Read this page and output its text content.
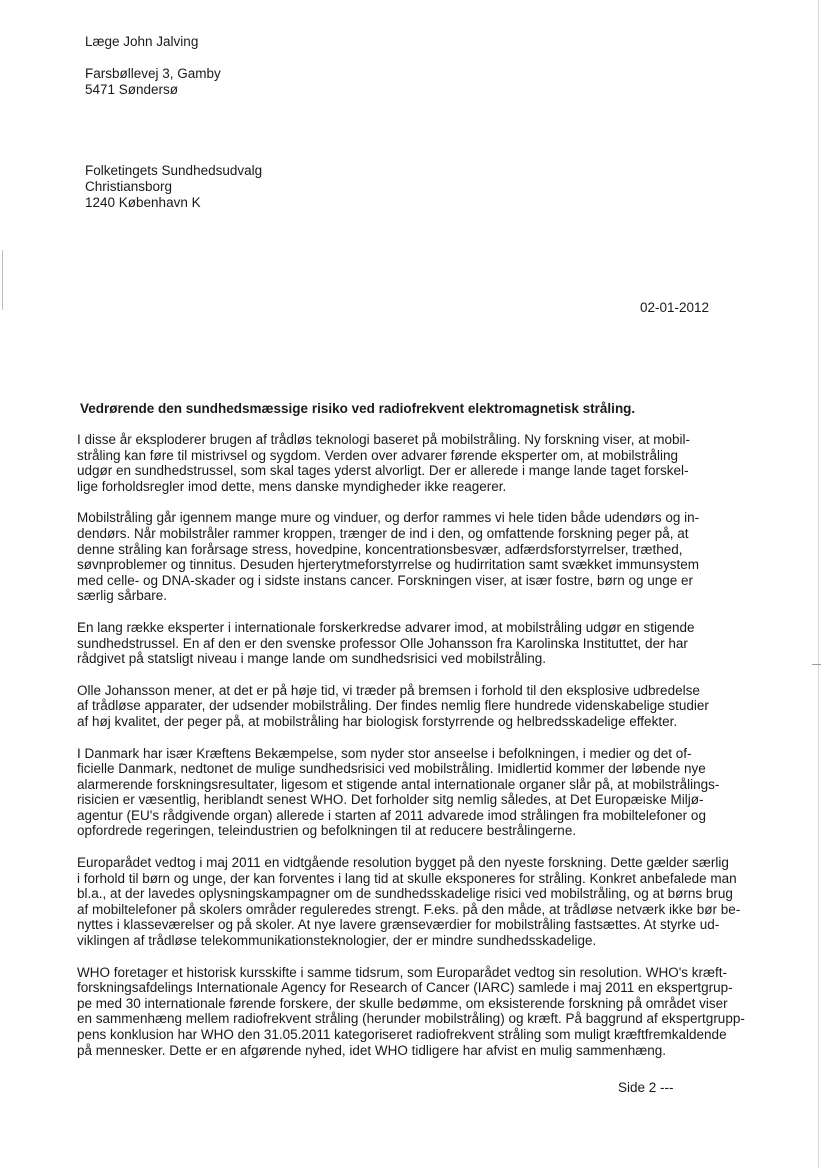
Læge John Jalving
Farsbøllevej 3, Gamby
5471 Søndersø
Folketingets Sundhedsudvalg
Christiansborg
1240 København K
02-01-2012
Vedrørende den sundhedsmæssige risiko ved radiofrekvent elektromagnetisk stråling.
I disse år eksploderer brugen af trådløs teknologi baseret på mobilstråling. Ny forskning viser, at mobil-
stråling kan føre til mistrivsel og sygdom. Verden over advarer førende eksperter om, at mobilstråling
udgør en sundhedstrussel, som skal tages yderst alvorligt. Der er allerede i mange lande taget forskel-
lige forholdsregler imod dette, mens danske myndigheder ikke reagerer.
Mobilstråling går igennem mange mure og vinduer, og derfor rammes vi hele tiden både udendørs og in-
dendørs. Når mobilstråler rammer kroppen, trænger de ind i den, og omfattende forskning peger på, at
denne stråling kan forårsage stress, hovedpine, koncentrationsbesvær, adfærdsforstyrrelser, træthed,
søvnproblemer og tinnitus. Desuden hjerterytmeforstyrrelse og hudirritation samt svækket immunsystem
med celle- og DNA-skader og i sidste instans cancer. Forskningen viser, at især fostre, børn og unge er
særlig sårbare.
En lang række eksperter i internationale forskerkredse advarer imod, at mobilstråling udgør en stigende
sundhedstrussel. En af den er den svenske professor Olle Johansson fra Karolinska Instituttet, der har
rådgivet på statsligt niveau i mange lande om sundhedsrisici ved mobilstråling.
Olle Johansson mener, at det er på høje tid, vi træder på bremsen i forhold til den eksplosive udbredelse
af trådløse apparater, der udsender mobilstråling. Der findes nemlig flere hundrede videnskabelige studier
af høj kvalitet, der peger på, at mobilstråling har biologisk forstyrrende og helbredsskadelige effekter.
I Danmark har især Kræftens Bekæmpelse, som nyder stor anseelse i befolkningen, i medier og det of-
ficielle Danmark, nedtonet de mulige sundhedsrisici ved mobilstråling. Imidlertid kommer der løbende nye
alarmerende forskningsresultater, ligesom et stigende antal internationale organer slår på, at mobilstrålings-
risicien er væsentlig, heriblandt senest WHO. Det forholder sitg nemlig således, at Det Europæiske Miljø-
agentur (EU's rådgivende organ) allerede i starten af 2011 advarede imod strålingen fra mobiltelefoner og
opfordrede regeringen, teleindustrien og befolkningen til at reducere bestrålingerne.
Europarådet vedtog i maj 2011 en vidtgående resolution bygget på den nyeste forskning. Dette gælder særlig
i forhold til børn og unge, der kan forventes i lang tid at skulle eksponeres for stråling. Konkret anbefalede man
bl.a., at der lavedes oplysningskampagner om de sundhedsskadelige risici ved mobilstråling, og at børns brug
af mobiltelefoner på skolers områder reguleredes strengt. F.eks. på den måde, at trådløse netværk ikke bør be-
nyttes i klasseværelser og på skoler. At nye lavere grænseværdier for mobilstråling fastsættes. At styrke ud-
viklingen af trådløse telekommunikationsteknologier, der er mindre sundhedsskadelige.
WHO foretager et historisk kursskifte i samme tidsrum, som Europarådet vedtog sin resolution. WHO's kræft-
forskningsafdelings Internationale Agency for Research of Cancer (IARC) samlede i maj 2011 en ekspertgrup-
pe med 30 internationale førende forskere, der skulle bedømme, om eksisterende forskning på området viser
en sammenhæng mellem radiofrekvent stråling (herunder mobilstråling) og kræft. På baggrund af ekspertgrupp-
pens konklusion har WHO den 31.05.2011 kategoriseret radiofrekvent stråling som muligt kræftfremkaldende
på mennesker. Dette er en afgørende nyhed, idet WHO tidligere har afvist en mulig sammenhæng.
Side 2 ---
